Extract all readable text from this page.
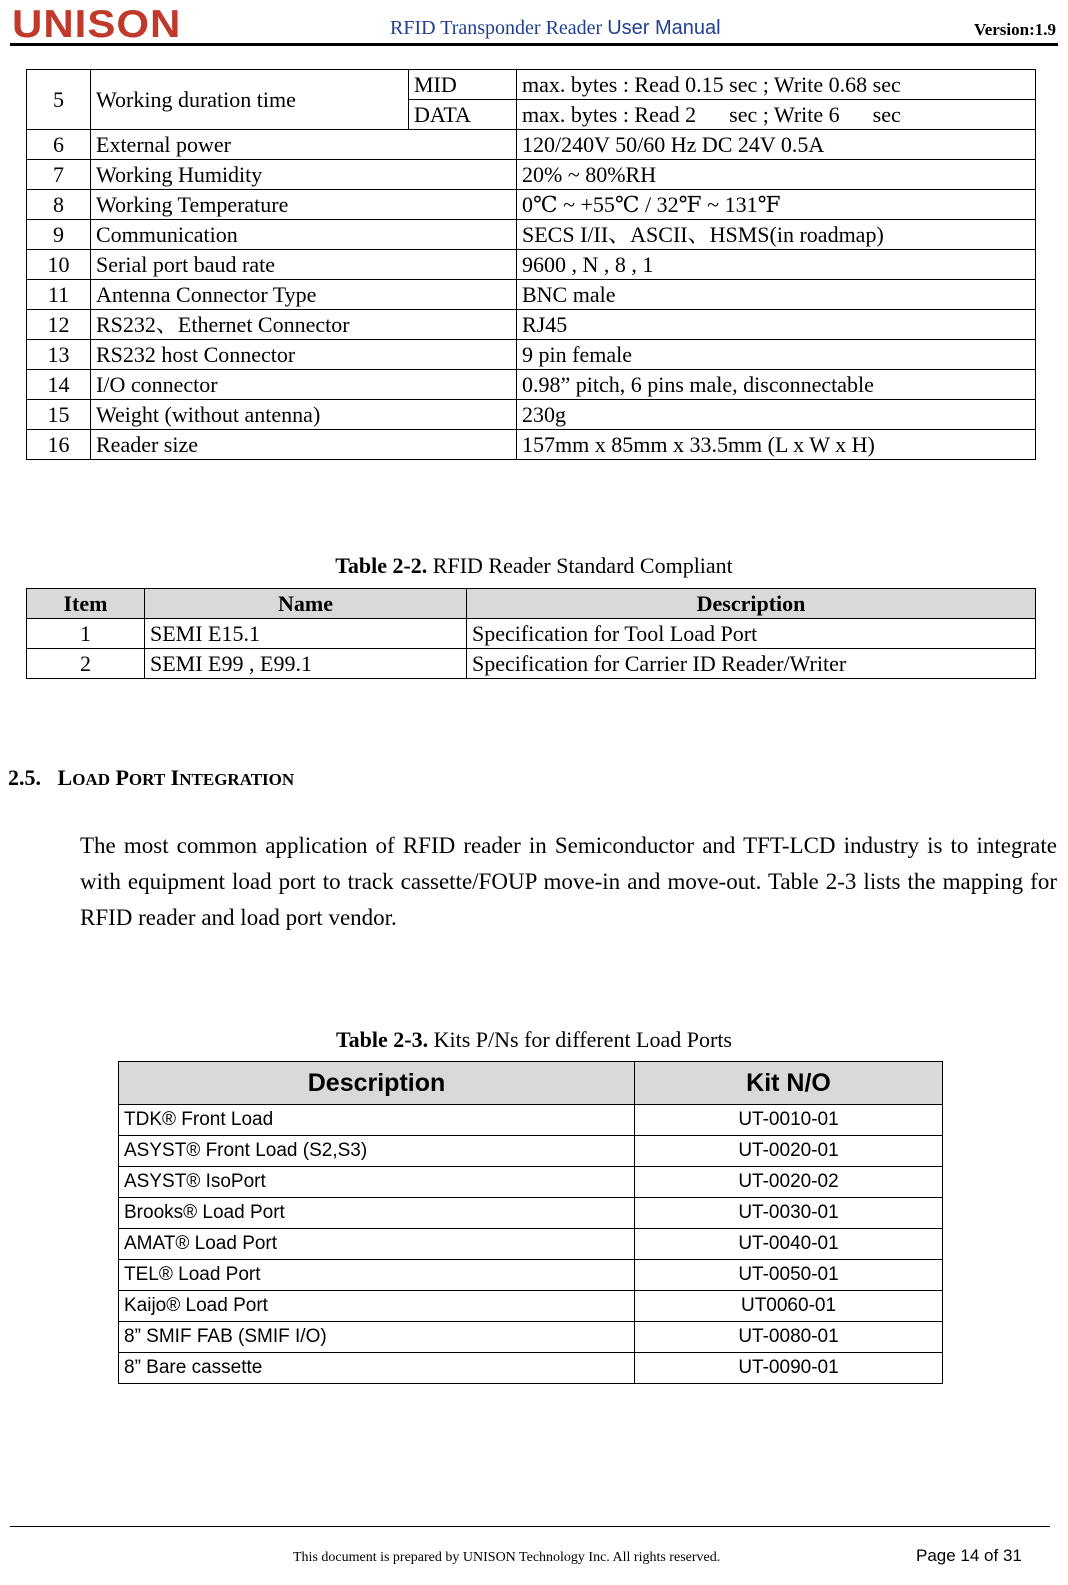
UNISON	RFID Transponder Reader User Manual	Version:1.9
5	Working duration time	MID	max. bytes : Read 0.15 sec ; Write 0.68 sec
		DATA	max. bytes : Read 2      sec ; Write 6      sec
6	External power		120/240V 50/60 Hz DC 24V 0.5A
7	Working Humidity		20% ~ 80%RH
8	Working Temperature		0℃ ~ +55℃ / 32℉ ~ 131℉
9	Communication		SECS I/II、ASCII、HSMS(in roadmap)
10	Serial port baud rate		9600 , N , 8 , 1
11	Antenna Connector Type		BNC male
12	RS232、Ethernet Connector		RJ45
13	RS232 host Connector		9 pin female
14	I/O connector		0.98” pitch, 6 pins male, disconnectable
15	Weight (without antenna)		230g
16	Reader size		157mm x 85mm x 33.5mm (L x W x H)
Table 2-2. RFID Reader Standard Compliant
Item	Name	Description
1	SEMI E15.1	Specification for Tool Load Port
2	SEMI E99 , E99.1	Specification for Carrier ID Reader/Writer
2.5. LOAD PORT INTEGRATION
The most common application of RFID reader in Semiconductor and TFT-LCD industry is to integrate with equipment load port to track cassette/FOUP move-in and move-out. Table 2-3 lists the mapping for RFID reader and load port vendor.
Table 2-3. Kits P/Ns for different Load Ports
Description	Kit N/O
TDK® Front Load	UT-0010-01
ASYST® Front Load (S2,S3)	UT-0020-01
ASYST® IsoPort	UT-0020-02
Brooks® Load Port	UT-0030-01
AMAT® Load Port	UT-0040-01
TEL® Load Port	UT-0050-01
Kaijo® Load Port	UT0060-01
8” SMIF FAB (SMIF I/O)	UT-0080-01
8” Bare cassette	UT-0090-01
This document is prepared by UNISON Technology Inc. All rights reserved.	Page 14 of 31
